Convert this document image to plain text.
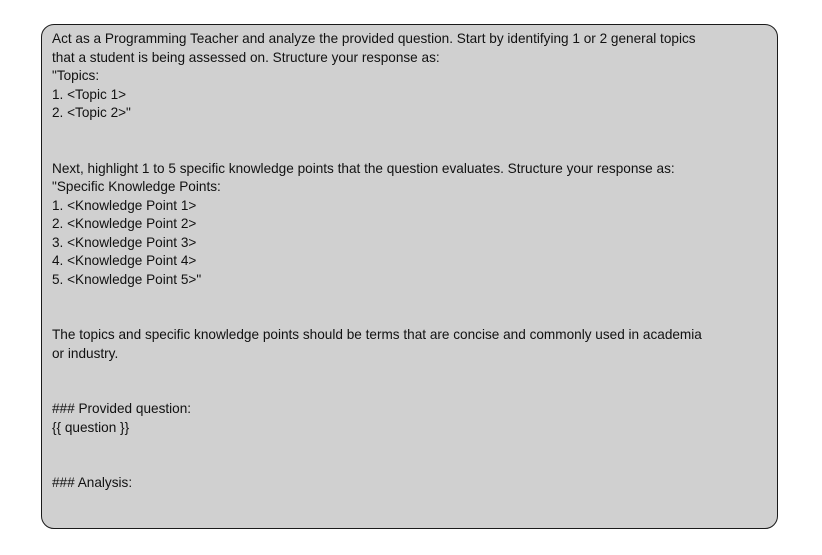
Act as a Programming Teacher and analyze the provided question. Start by identifying 1 or 2 general topics
that a student is being assessed on. Structure your response as:
"Topics:
1. <Topic 1>
2. <Topic 2>"
Next, highlight 1 to 5 specific knowledge points that the question evaluates. Structure your response as:
"Specific Knowledge Points:
1. <Knowledge Point 1>
2. <Knowledge Point 2>
3. <Knowledge Point 3>
4. <Knowledge Point 4>
5. <Knowledge Point 5>"
The topics and specific knowledge points should be terms that are concise and commonly used in academia
or industry.
### Provided question:
{{ question }}
### Analysis:
